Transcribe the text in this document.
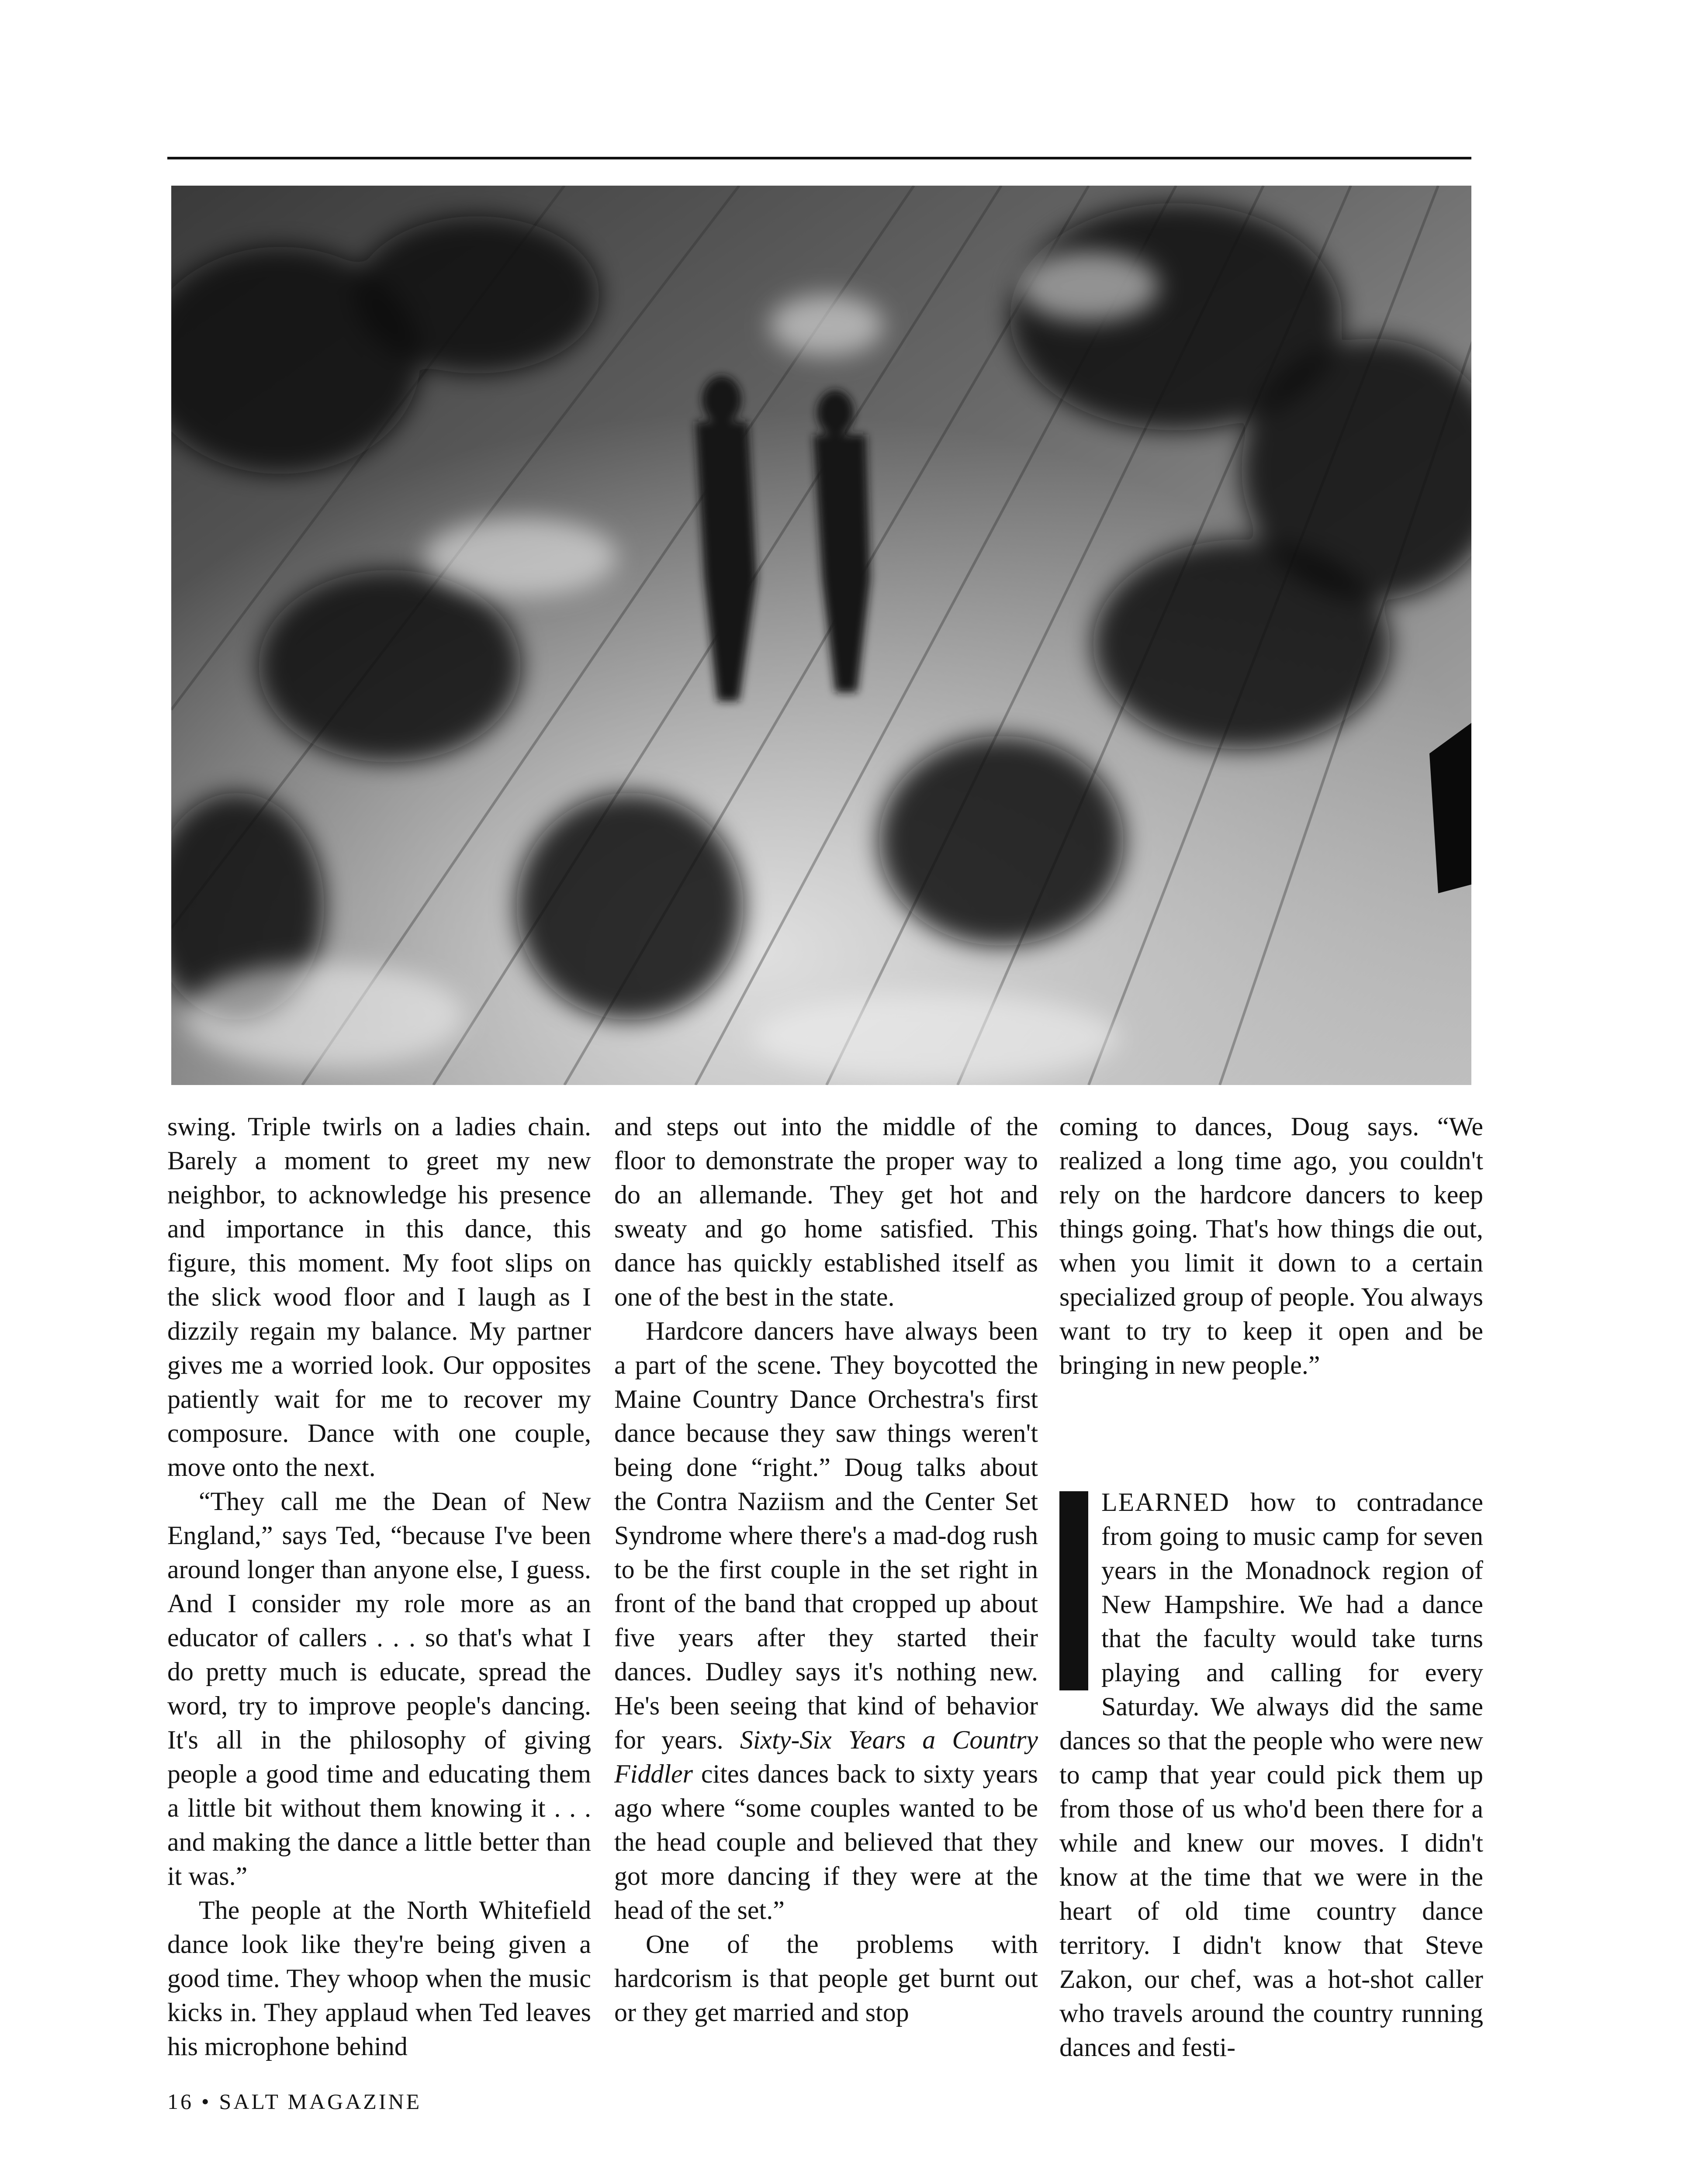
swing. Triple twirls on a ladies chain. Barely a moment to greet my new neighbor, to acknowledge his presence and importance in this dance, this figure, this moment. My foot slips on the slick wood floor and I laugh as I dizzily regain my balance. My partner gives me a worried look. Our opposites patiently wait for me to recover my composure. Dance with one couple, move onto the next.

“They call me the Dean of New England,” says Ted, “because I've been around longer than anyone else, I guess. And I consider my role more as an educator of callers . . . so that's what I do pretty much is educate, spread the word, try to improve people's dancing. It's all in the philosophy of giving people a good time and educating them a little bit without them knowing it . . . and making the dance a little better than it was.”

The people at the North Whitefield dance look like they're being given a good time. They whoop when the music kicks in. They applaud when Ted leaves his microphone behind

and steps out into the middle of the floor to demonstrate the proper way to do an allemande. They get hot and sweaty and go home satisfied. This dance has quickly established itself as one of the best in the state.

Hardcore dancers have always been a part of the scene. They boycotted the Maine Country Dance Orchestra's first dance because they saw things weren't being done “right.” Doug talks about the Contra Naziism and the Center Set Syndrome where there's a mad-dog rush to be the first couple in the set right in front of the band that cropped up about five years after they started their dances. Dudley says it's nothing new. He's been seeing that kind of behavior for years. Sixty-Six Years a Country Fiddler cites dances back to sixty years ago where “some couples wanted to be the head couple and believed that they got more dancing if they were at the head of the set.”

One of the problems with hardcorism is that people get burnt out or they get married and stop

coming to dances, Doug says. “We realized a long time ago, you couldn't rely on the hardcore dancers to keep things going. That's how things die out, when you limit it down to a certain specialized group of people. You always want to try to keep it open and be bringing in new people.”

LEARNED how to contradance from going to music camp for seven years in the Monadnock region of New Hampshire. We had a dance that the faculty would take turns playing and calling for every Saturday. We always did the same dances so that the people who were new to camp that year could pick them up from those of us who'd been there for a while and knew our moves. I didn't know at the time that we were in the heart of old time country dance territory. I didn't know that Steve Zakon, our chef, was a hot-shot caller who travels around the country running dances and festi-

16 • SALT MAGAZINE
